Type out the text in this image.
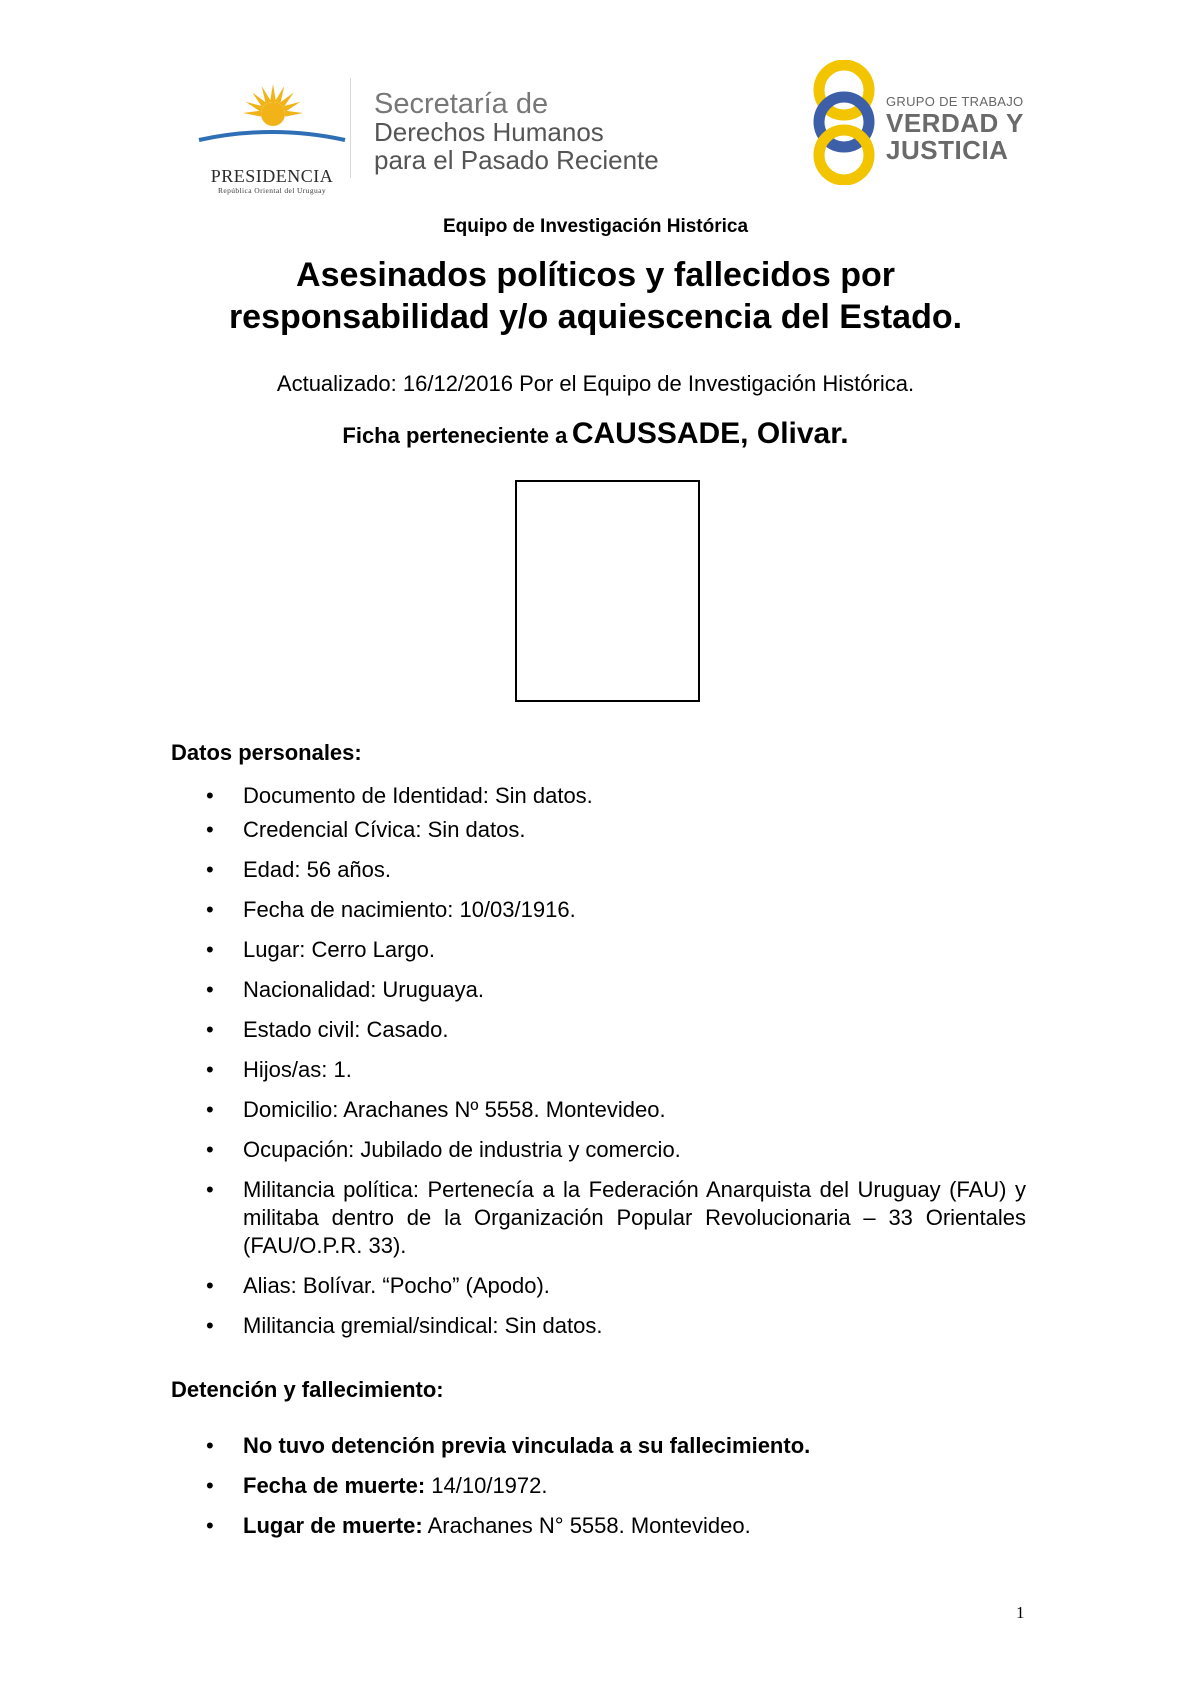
PRESIDENCIA
República Oriental del Uruguay
Secretaría de
Derechos Humanos
para el Pasado Reciente
GRUPO DE TRABAJO
VERDAD Y
JUSTICIA
Equipo de Investigación Histórica
Asesinados políticos y fallecidos por
responsabilidad y/o aquiescencia del Estado.
Actualizado: 16/12/2016 Por el Equipo de Investigación Histórica.
Ficha perteneciente a CAUSSADE, Olivar.
Datos personales:
• Documento de Identidad: Sin datos.
• Credencial Cívica: Sin datos.
• Edad: 56 años.
• Fecha de nacimiento: 10/03/1916.
• Lugar: Cerro Largo.
• Nacionalidad: Uruguaya.
• Estado civil: Casado.
• Hijos/as: 1.
• Domicilio: Arachanes Nº 5558. Montevideo.
• Ocupación: Jubilado de industria y comercio.
• Militancia política: Pertenecía a la Federación Anarquista del Uruguay (FAU) y militaba dentro de la Organización Popular Revolucionaria – 33 Orientales (FAU/O.P.R. 33).
• Alias: Bolívar. “Pocho” (Apodo).
• Militancia gremial/sindical: Sin datos.
Detención y fallecimiento:
• No tuvo detención previa vinculada a su fallecimiento.
• Fecha de muerte: 14/10/1972.
• Lugar de muerte: Arachanes N° 5558. Montevideo.
1
